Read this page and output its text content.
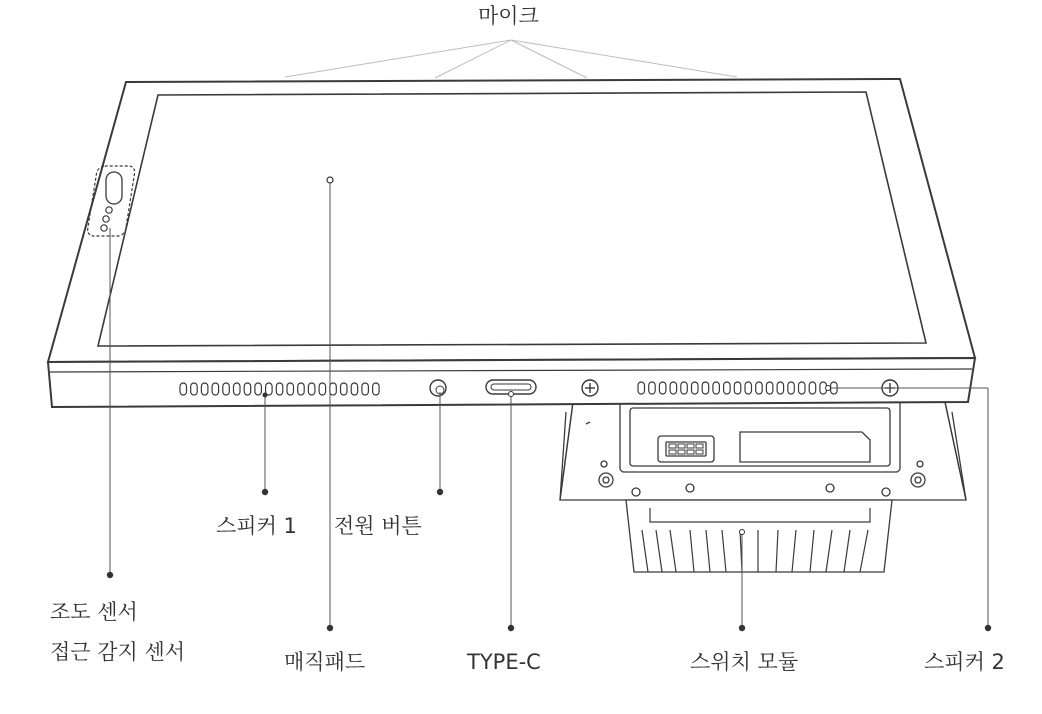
마이크
스피커 1 전원 버튼
조도 센서
접근 감지 센서	매직패드	TYPE-C	스위치 모듈	스피커 2
